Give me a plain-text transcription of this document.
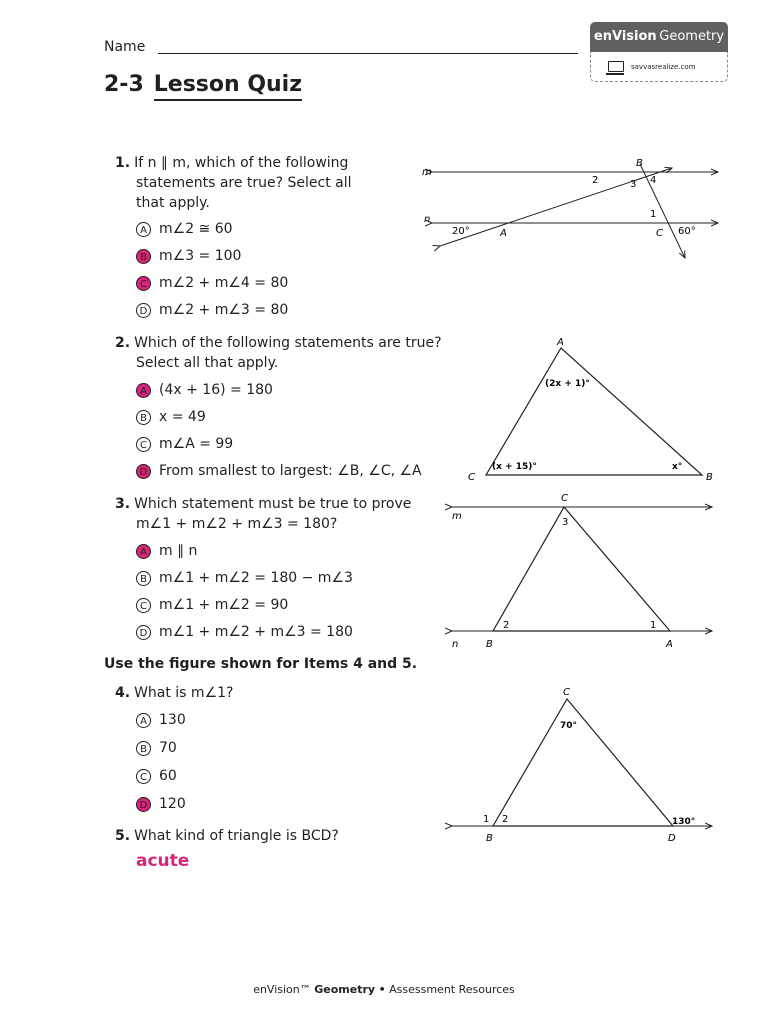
Name
2-3 Lesson Quiz
enVision  Geometry
savvasrealize.com
1. If n ∥ m, which of the following
statements are true? Select all
that apply.
A m∠2 ≅ 60
B m∠3 = 100
C m∠2 + m∠4 = 80
D m∠2 + m∠3 = 80
m
n
B
A	C
2	3 4
1
20°	60°
2. Which of the following statements are true?
Select all that apply.
A (4x + 16) = 180
B x = 49
C m∠A = 99
D From smallest to largest: ∠B, ∠C, ∠A
A
C	B
(2x + 1)°
(x + 15)°	x°
3. Which statement must be true to prove
m∠1 + m∠2 + m∠3 = 180?
A m ∥ n
B m∠1 + m∠2 = 180 − m∠3
C m∠1 + m∠2 = 90
D m∠1 + m∠2 + m∠3 = 180
C
m
n	B	A
3
2	1
Use the figure shown for Items 4 and 5.
4. What is m∠1?
A 130
B 70
C 60
D 120
C
B	D
70°
130°
1 2
5. What kind of triangle is BCD?
acute
enVision™ Geometry • Assessment Resources
